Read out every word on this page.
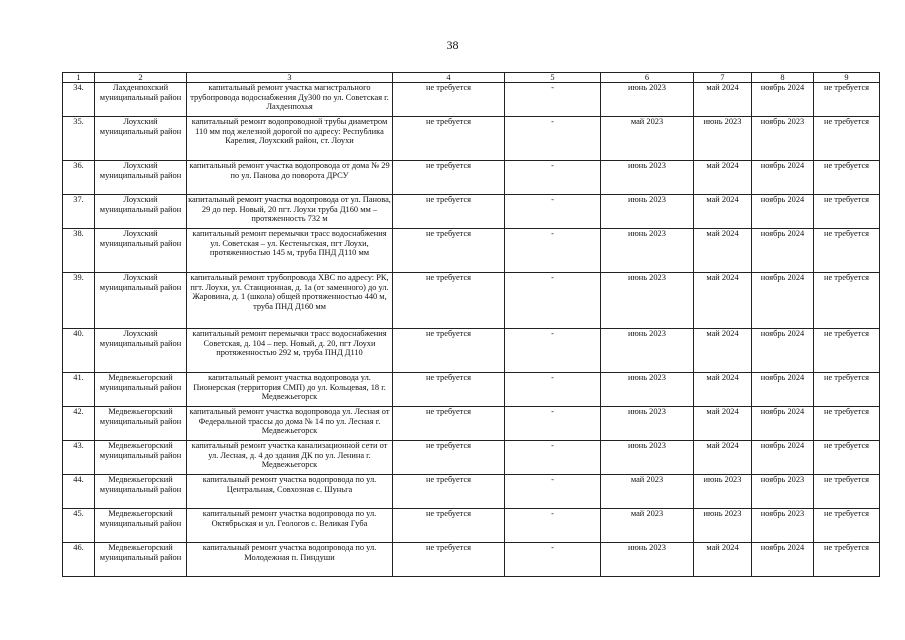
38
1	2	3	4	5	6	7	8	9
34.	Лахденпохский муниципальный район	капитальный ремонт участка магистрального трубопровода водоснабжения Ду300 по ул. Советская г. Лахденпохья	не требуется	-	июнь 2023	май 2024	ноябрь 2024	не требуется
35.	Лоухский муниципальный район	капитальный ремонт водопроводной трубы диаметром 110 мм под железной дорогой по адресу: Республика Карелия, Лоухский район, ст. Лоухи	не требуется	-	май 2023	июнь 2023	ноябрь 2023	не требуется
36.	Лоухский муниципальный район	капитальный ремонт участка водопровода от дома № 29 по ул. Панова до поворота ДРСУ	не требуется	-	июнь 2023	май 2024	ноябрь 2024	не требуется
37.	Лоухский муниципальный район	капитальный ремонт участка водопровода от ул. Панова, 29 до пер. Новый, 20 пгт. Лоухи труба Д160 мм – протяженность 732 м	не требуется	-	июнь 2023	май 2024	ноябрь 2024	не требуется
38.	Лоухский муниципальный район	капитальный ремонт перемычки трасс водоснабжения ул. Советская – ул. Кестеньгская, пгт Лоухи, протяженностью 145 м, труба ПНД Д110 мм	не требуется	-	июнь 2023	май 2024	ноябрь 2024	не требуется
39.	Лоухский муниципальный район	капитальный ремонт трубопровода ХВС по адресу: РК, пгт. Лоухи, ул. Станционная, д. 1а (от заменного) до ул. Жаровина, д. 1 (школа) общей протяженностью 440 м, труба ПНД Д160 мм	не требуется	-	июнь 2023	май 2024	ноябрь 2024	не требуется
40.	Лоухский муниципальный район	капитальный ремонт перемычки трасс водоснабжения Советская, д. 104 – пер. Новый, д. 20, пгт Лоухи протяженностью 292 м, труба ПНД Д110	не требуется	-	июнь 2023	май 2024	ноябрь 2024	не требуется
41.	Медвежьегорский муниципальный район	капитальный ремонт участка водопровода ул. Пионерская (территория СМП) до ул. Кольцевая, 18 г. Медвежьегорск	не требуется	-	июнь 2023	май 2024	ноябрь 2024	не требуется
42.	Медвежьегорский муниципальный район	капитальный ремонт участка водопровода ул. Лесная от Федеральной трассы до дома № 14 по ул. Лесная г. Медвежьегорск	не требуется	-	июнь 2023	май 2024	ноябрь 2024	не требуется
43.	Медвежьегорский муниципальный район	капитальный ремонт участка канализационной сети от ул. Лесная, д. 4 до здания ДК по ул. Ленина г. Медвежьегорск	не требуется	-	июнь 2023	май 2024	ноябрь 2024	не требуется
44.	Медвежьегорский муниципальный район	капитальный ремонт участка водопровода по ул. Центральная, Совхозная с. Шуньга	не требуется	-	май 2023	июнь 2023	ноябрь 2023	не требуется
45.	Медвежьегорский муниципальный район	капитальный ремонт участка водопровода по ул. Октябрьская и ул. Геологов с. Великая Губа	не требуется	-	май 2023	июнь 2023	ноябрь 2023	не требуется
46.	Медвежьегорский муниципальный район	капитальный ремонт участка водопровода по ул. Молодежная п. Пиндуши	не требуется	-	июнь 2023	май 2024	ноябрь 2024	не требуется
